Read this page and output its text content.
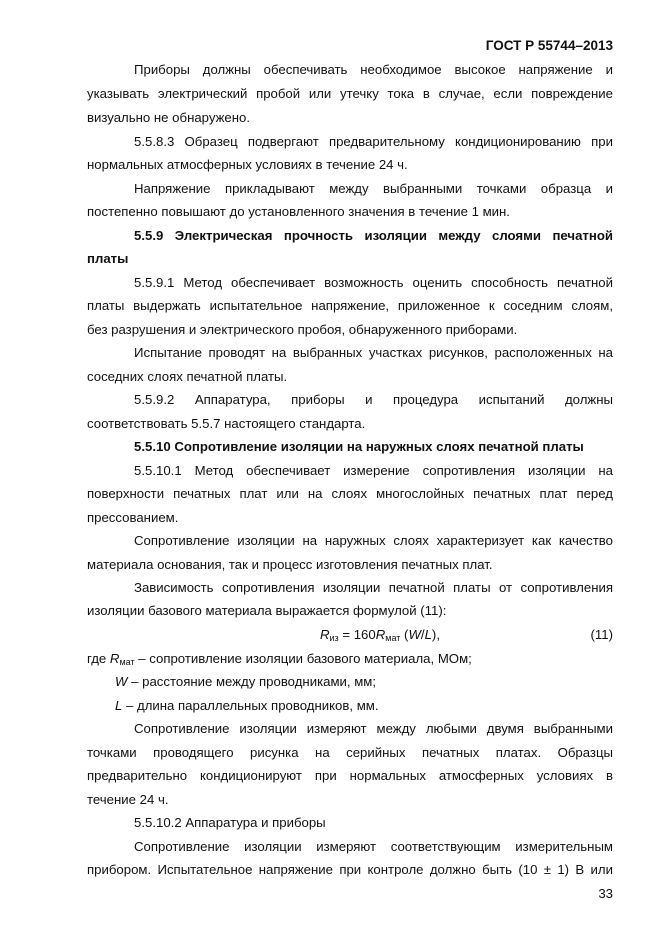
ГОСТ Р 55744–2013
Приборы должны обеспечивать необходимое высокое напряжение и
указывать электрический пробой или утечку тока в случае, если повреждение
визуально не обнаружено.
5.5.8.3 Образец подвергают предварительному кондиционированию при
нормальных атмосферных условиях в течение 24 ч.
Напряжение прикладывают между выбранными точками образца и
постепенно повышают до установленного значения в течение 1 мин.
5.5.9 Электрическая прочность изоляции между слоями печатной
платы
5.5.9.1 Метод обеспечивает возможность оценить способность печатной
платы выдержать испытательное напряжение, приложенное к соседним слоям,
без разрушения и электрического пробоя, обнаруженного приборами.
Испытание проводят на выбранных участках рисунков, расположенных на
соседних слоях печатной платы.
5.5.9.2 Аппаратура, приборы и процедура испытаний должны
соответствовать 5.5.7 настоящего стандарта.
5.5.10 Сопротивление изоляции на наружных слоях печатной платы
5.5.10.1 Метод обеспечивает измерение сопротивления изоляции на
поверхности печатных плат или на слоях многослойных печатных плат перед
прессованием.
Сопротивление изоляции на наружных слоях характеризует как качество
материала основания, так и процесс изготовления печатных плат.
Зависимость сопротивления изоляции печатной платы от сопротивления
изоляции базового материала выражается формулой (11):
$R_{из} = 160R_{мат}$ (W/L),	(11)
где $R_{мат}$ – сопротивление изоляции базового материала, МОм;
W – расстояние между проводниками, мм;
L – длина параллельных проводников, мм.
Сопротивление изоляции измеряют между любыми двумя выбранными
точками проводящего рисунка на серийных печатных платах. Образцы
предварительно кондиционируют при нормальных атмосферных условиях в
течение 24 ч.
5.5.10.2 Аппаратура и приборы
Сопротивление изоляции измеряют соответствующим измерительным
прибором. Испытательное напряжение при контроле должно быть (10 ± 1) В или
33
